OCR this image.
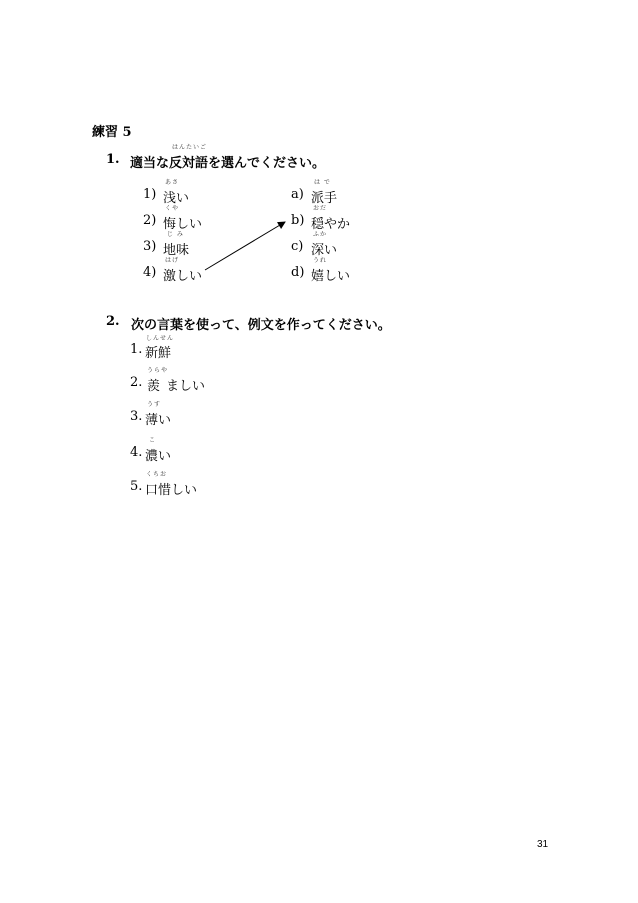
練習 5
1. 適当な
はんたいご
反対語 を選んでください。
1)
あさ
浅 い
2)
くや
悔 しい
3)
じ み
地味
4)
はげ
激 しい
a)
は で
派手
b)
おだ
穏 やか
c)
ふか
深 い
d)
うれ
嬉 しい
2. 次の言葉を使って、例文を作ってください。
1.
しんせん
新鮮
2.
うらや
羨 ましい
3.
うす
薄 い
4.
こ
濃 い
5.
くちお
口惜 しい
31
